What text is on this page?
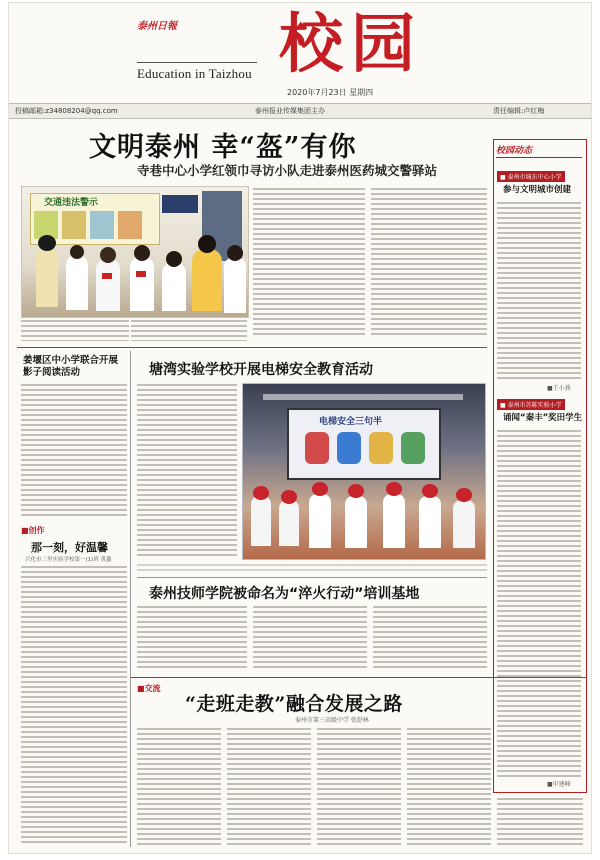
泰州日報
Education in Taizhou 校园
2020年7月23日 星期四
投稿邮箱:z34808204@qq.com	泰州报业传媒集团主办	责任编辑:卢红梅
文明泰州 幸“盔”有你
寺巷中心小学红领巾寻访小队走进泰州医药城交警驿站
交通违法警示
校园动态
■ 泰州市城东中心小学
参与文明城市创建
■王小燕
■ 泰州市苏陈实验小学
诵闻“秦丰”奖田学生
■申建峰
姜堰区中小学联合开展影子阅读活动
■创作
那一刻，好温馨
兴化市三里实验学校第一(1)班 黄鑫
塘湾实验学校开展电梯安全教育活动
电梯安全三句半
泰州技师学院被命名为“淬火行动”培训基地
■交流
“走班走教”融合发展之路
泰州市第三高级中学 张舒林
